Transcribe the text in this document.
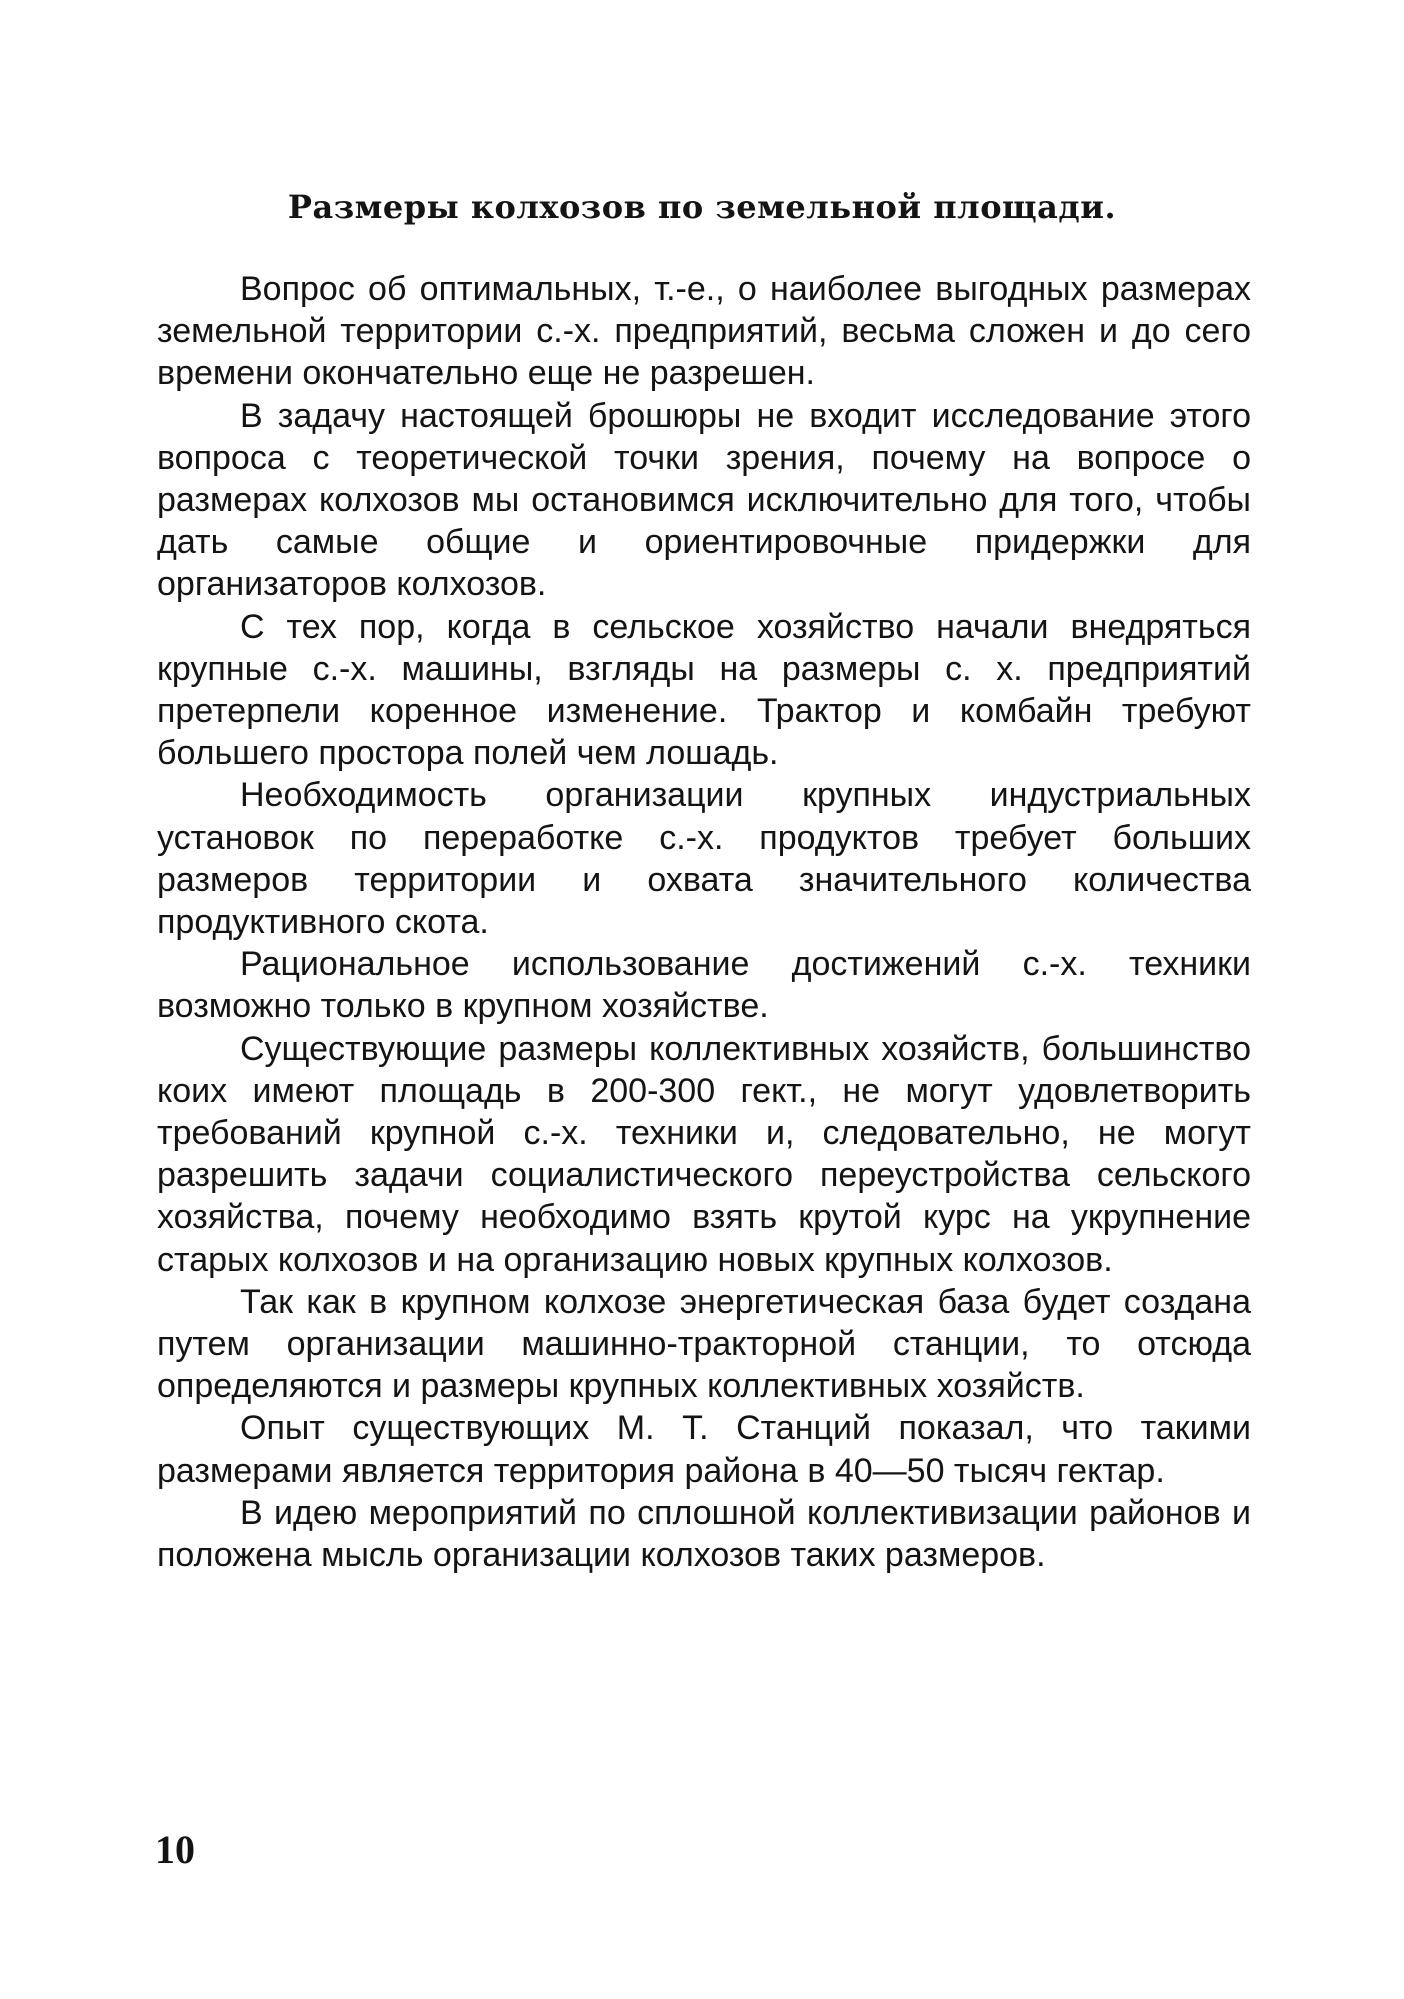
Размеры колхозов по земельной площади.

Вопрос об оптимальных, т.-е., о наиболее выгодных размерах земельной территории с.-х. предприятий, весьма сложен и до сего времени окончательно еще не разрешен.

В задачу настоящей брошюры не входит исследование этого вопроса с теоретической точки зрения, почему на вопросе о размерах колхозов мы остановимся исключительно для того, чтобы дать самые общие и ориентировочные придержки для организаторов колхозов.

С тех пор, когда в сельское хозяйство начали внедряться крупные с.-х. машины, взгляды на размеры с. х. предприятий претерпели коренное изменение. Трактор и комбайн требуют большего простора полей чем лошадь.

Необходимость организации крупных индустриальных установок по переработке с.-х. продуктов требует больших размеров территории и охвата значительного количества продуктивного скота.

Рациональное использование достижений с.-х. техники возможно только в крупном хозяйстве.

Существующие размеры коллективных хозяйств, большинство коих имеют площадь в 200-300 гект., не могут удовлетворить требований крупной с.-х. техники и, следовательно, не могут разрешить задачи социалистического переустройства сельского хозяйства, почему необходимо взять крутой курс на укрупнение старых колхозов и на организацию новых крупных колхозов.

Так как в крупном колхозе энергетическая база будет создана путем организации машинно-тракторной станции, то отсюда определяются и размеры крупных коллективных хозяйств.

Опыт существующих М. Т. Станций показал, что такими размерами является территория района в 40—50 тысяч гектар.

В идею мероприятий по сплошной коллективизации районов и положена мысль организации колхозов таких размеров.

10
